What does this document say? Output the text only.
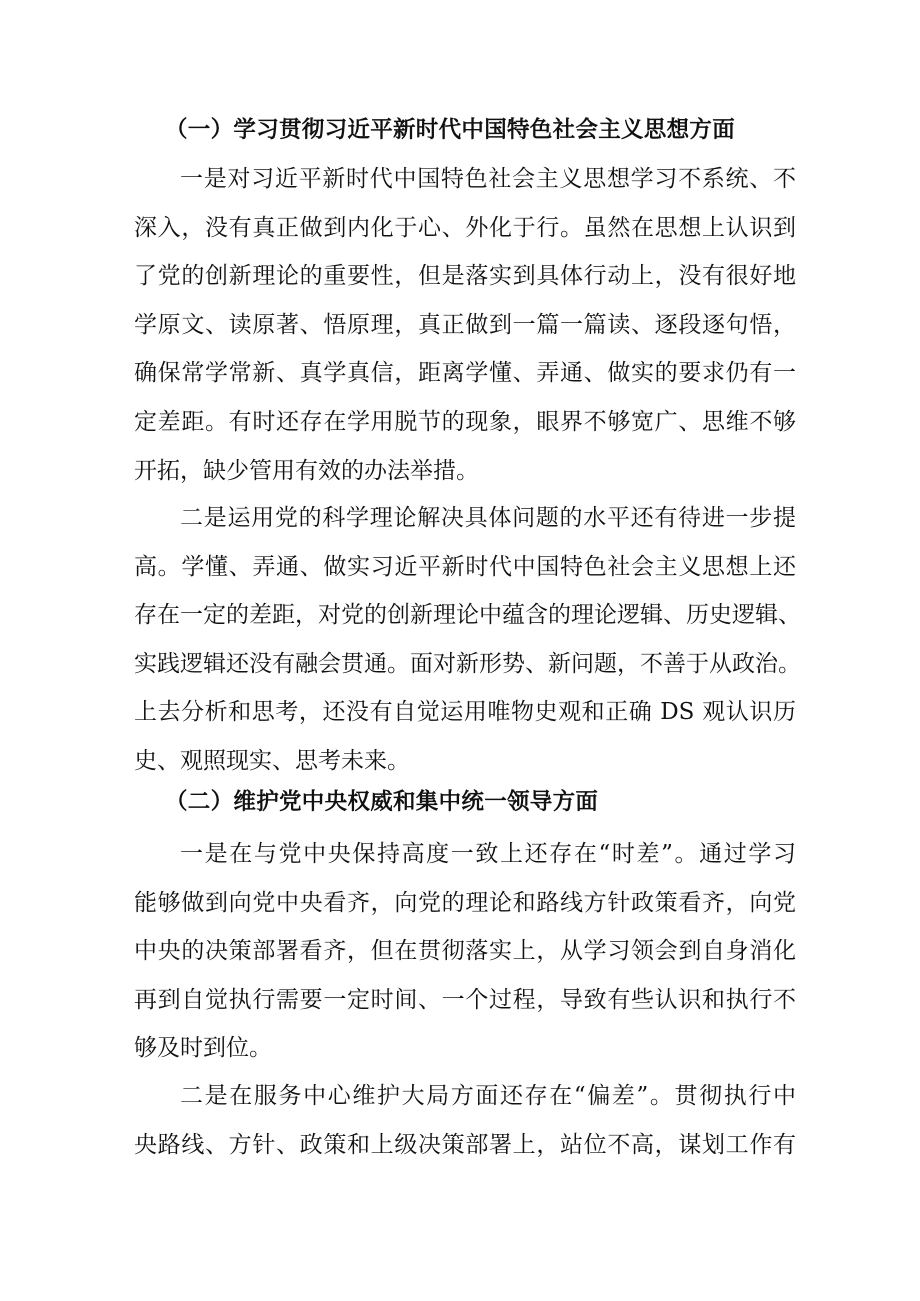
（一）学习贯彻习近平新时代中国特色社会主义思想方面
一是对习近平新时代中国特色社会主义思想学习不系统、不
深入，没有真正做到内化于心、外化于行。虽然在思想上认识到
了党的创新理论的重要性，但是落实到具体行动上，没有很好地
学原文、读原著、悟原理，真正做到一篇一篇读、逐段逐句悟，
确保常学常新、真学真信，距离学懂、弄通、做实的要求仍有一
定差距。有时还存在学用脱节的现象，眼界不够宽广、思维不够
开拓，缺少管用有效的办法举措。
二是运用党的科学理论解决具体问题的水平还有待进一步提
高。学懂、弄通、做实习近平新时代中国特色社会主义思想上还
存在一定的差距，对党的创新理论中蕴含的理论逻辑、历史逻辑、
实践逻辑还没有融会贯通。面对新形势、新问题，不善于从政治。
上去分析和思考，还没有自觉运用唯物史观和正确 DS 观认识历
史、观照现实、思考未来。
（二）维护党中央权威和集中统一领导方面
一是在与党中央保持高度一致上还存在“时差”。通过学习
能够做到向党中央看齐，向党的理论和路线方针政策看齐，向党
中央的决策部署看齐，但在贯彻落实上，从学习领会到自身消化
再到自觉执行需要一定时间、一个过程，导致有些认识和执行不
够及时到位。
二是在服务中心维护大局方面还存在“偏差”。贯彻执行中
央路线、方针、政策和上级决策部署上，站位不高，谋划工作有
